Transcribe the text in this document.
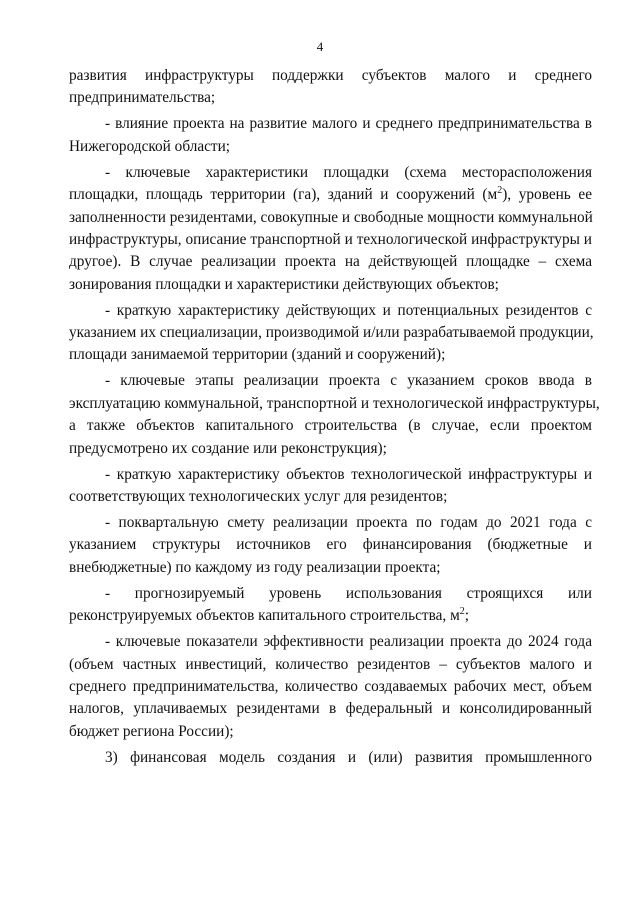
4
развития инфраструктуры поддержки субъектов малого и среднего
предпринимательства;
- влияние проекта на развитие малого и среднего предпринимательства в
Нижегородской области;
- ключевые характеристики площадки (схема месторасположения
площадки, площадь территории (га), зданий и сооружений $(м^2)$, уровень ее
заполненности резидентами, совокупные и свободные мощности коммунальной
инфраструктуры, описание транспортной и технологической инфраструктуры и
другое). В случае реализации проекта на действующей площадке – схема
зонирования площадки и характеристики действующих объектов;
- краткую характеристику действующих и потенциальных резидентов с
указанием их специализации, производимой и/или разрабатываемой продукции,
площади занимаемой территории (зданий и сооружений);
- ключевые этапы реализации проекта с указанием сроков ввода в
эксплуатацию коммунальной, транспортной и технологической инфраструктуры,
а также объектов капитального строительства (в случае, если проектом
предусмотрено их создание или реконструкция);
- краткую характеристику объектов технологической инфраструктуры и
соответствующих технологических услуг для резидентов;
- поквартальную смету реализации проекта по годам до 2021 года с
указанием структуры источников его финансирования (бюджетные и
внебюджетные) по каждому из году реализации проекта;
- прогнозируемый уровень использования строящихся или
реконструируемых объектов капитального строительства, $м^2$;
- ключевые показатели эффективности реализации проекта до 2024 года
(объем частных инвестиций, количество резидентов – субъектов малого и
среднего предпринимательства, количество создаваемых рабочих мест, объем
налогов, уплачиваемых резидентами в федеральный и консолидированный
бюджет региона России);
3) финансовая модель создания и (или) развития промышленного
